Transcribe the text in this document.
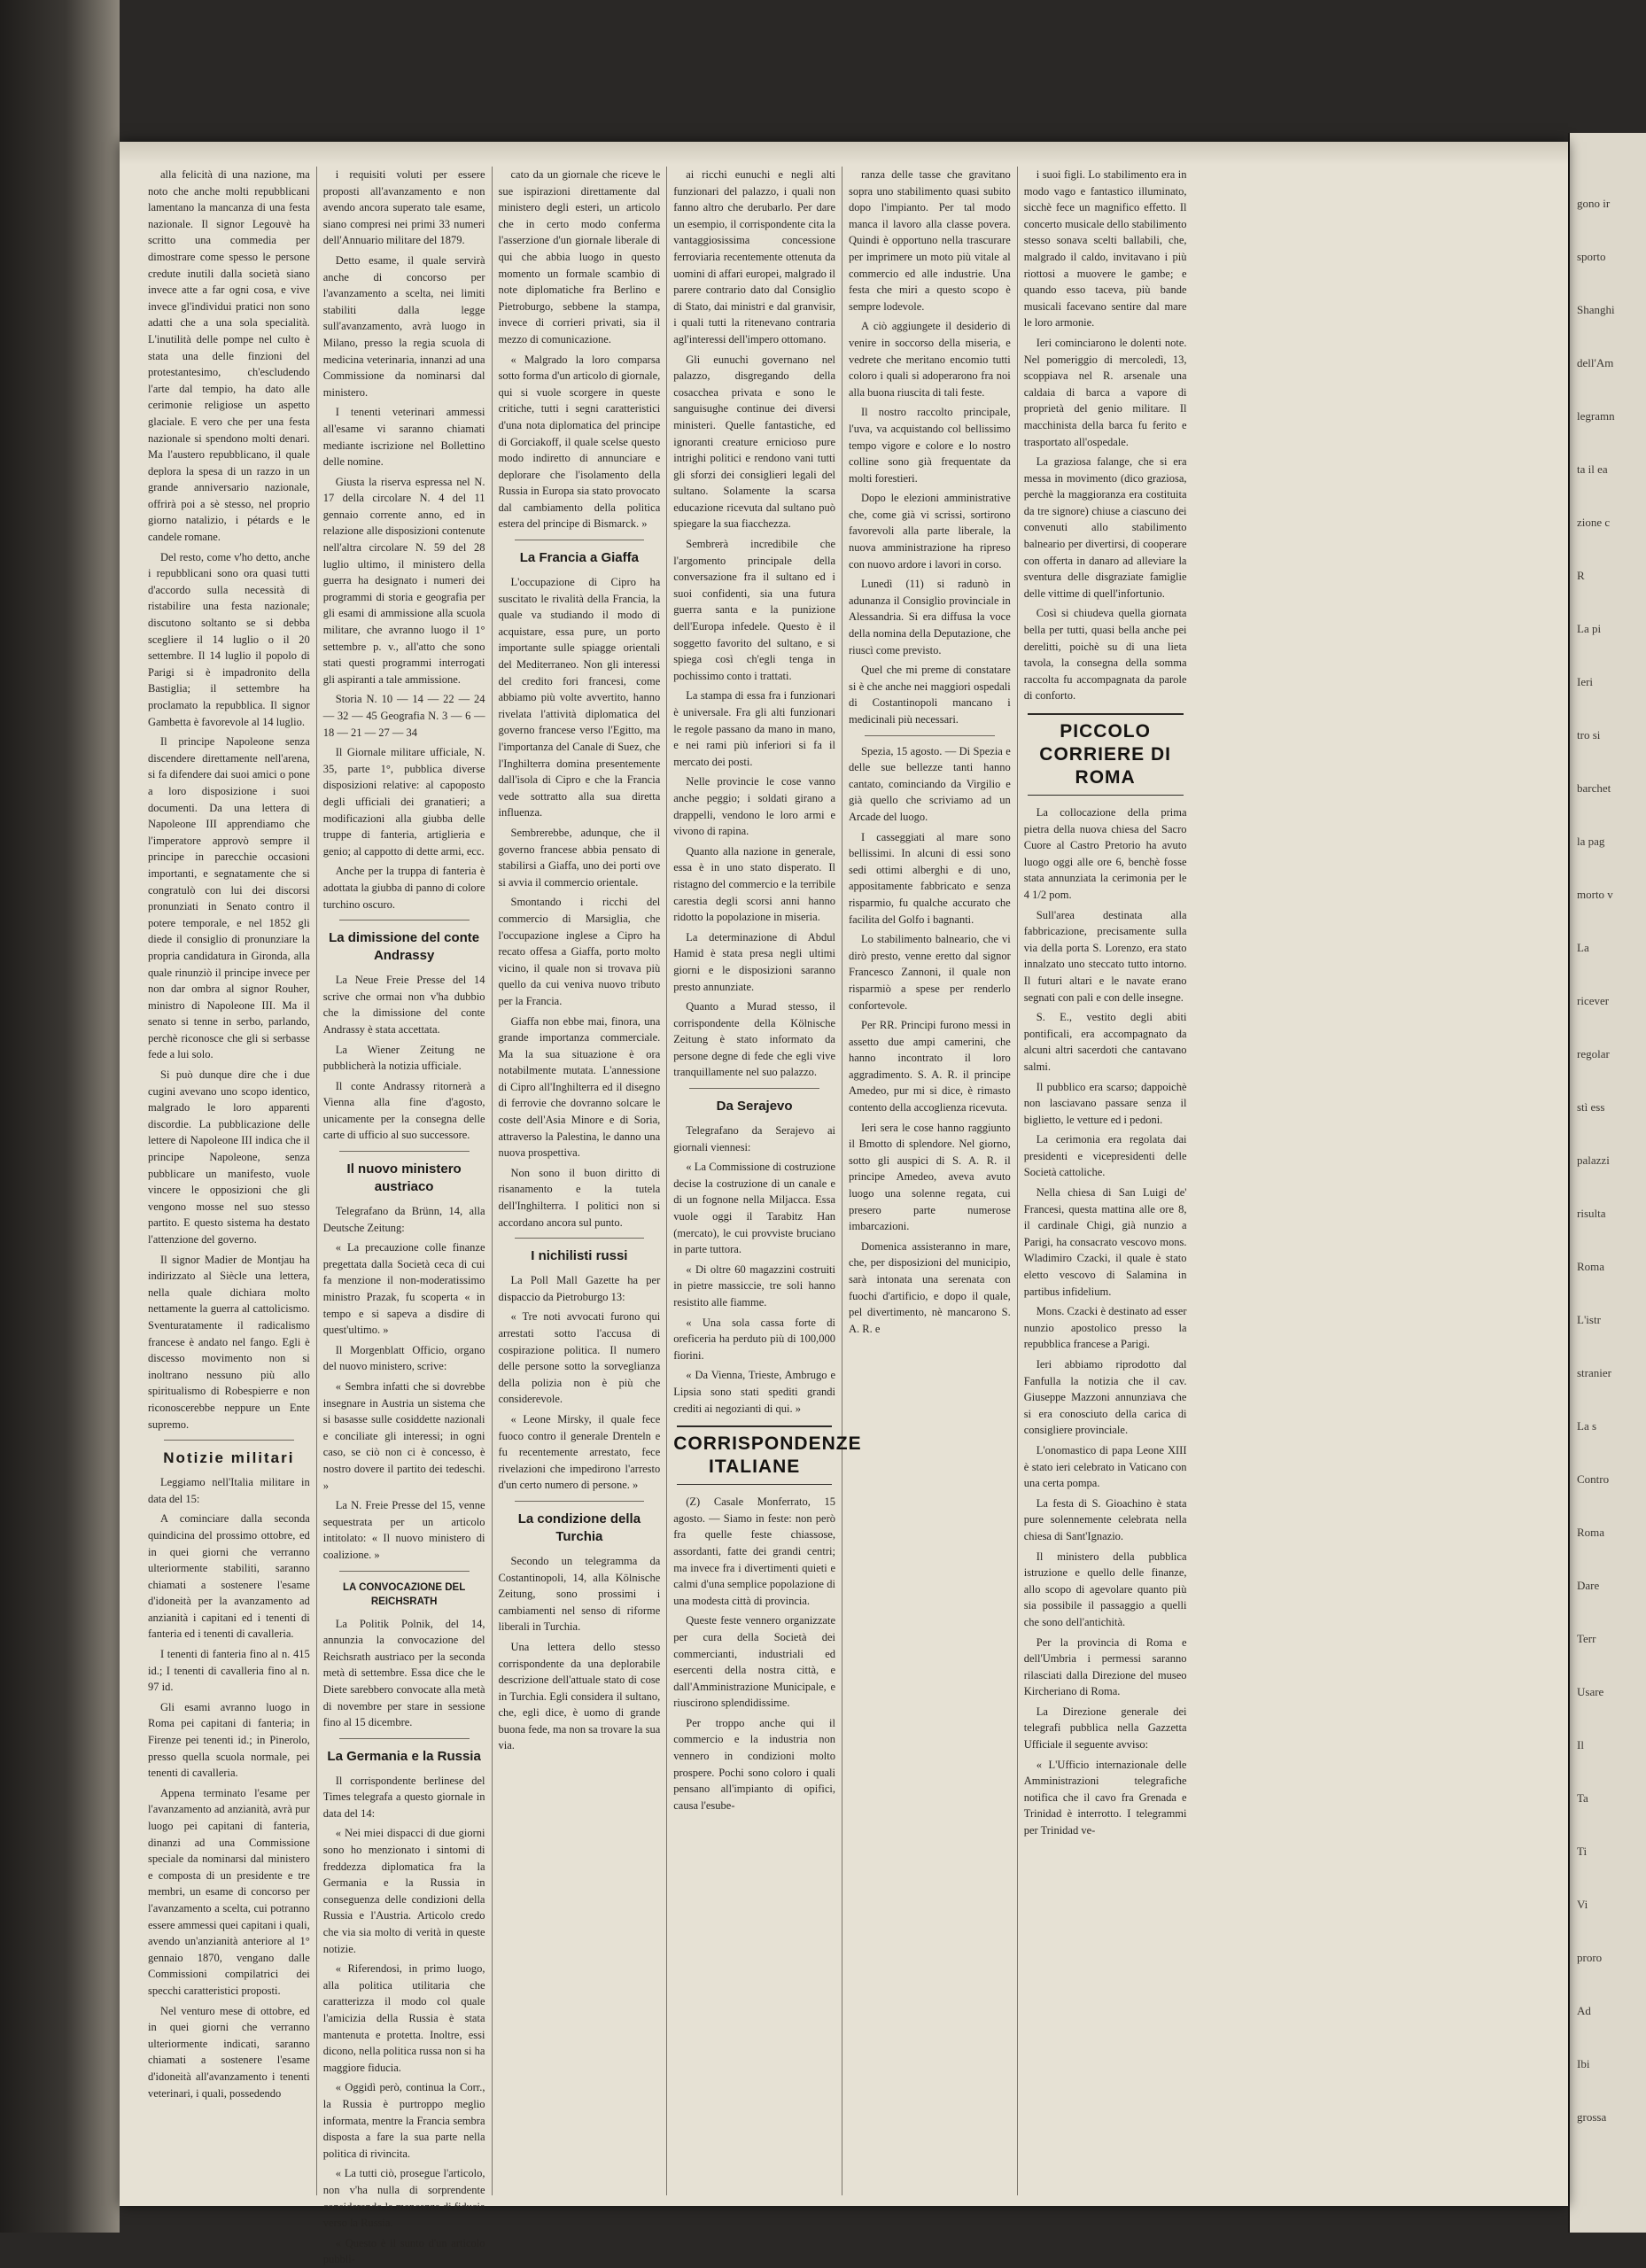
gono ir
sporto
Shanghi
dell'Am
legramn
ta il ea
zione c
R
La pi
Ieri
tro si
barchet
la pag
morto v
La
ricever
regolar
stì ess
palazzi
risulta
Roma
L'istr
stranier
La s
Contro
Roma
Dare
Terr
Usare
Il
Ta
Ti
Vi
proro
Ad
Ibi
grossa

alla felicità di una nazione, ma noto che anche molti repubblicani lamentano la mancanza di una festa nazionale. Il signor Legouvè ha scritto una commedia per dimostrare come spesso le persone credute inutili dalla società siano invece atte a far ogni cosa, e vive invece gl'individui pratici non sono adatti che a una sola specialità. L'inutilità delle pompe nel culto è stata una delle finzioni del protestantesimo, ch'escludendo l'arte dal tempio, ha dato alle cerimonie religiose un aspetto glaciale. E vero che per una festa nazionale si spendono molti denari. Ma l'austero repubblicano, il quale deplora la spesa di un razzo in un grande anniversario nazionale, offrirà poi a sè stesso, nel proprio giorno natalizio, i pétards e le candele romane.

Del resto, come v'ho detto, anche i repubblicani sono ora quasi tutti d'accordo sulla necessità di ristabilire una festa nazionale; discutono soltanto se si debba scegliere il 14 luglio o il 20 settembre. Il 14 luglio il popolo di Parigi si è impadronito della Bastiglia; il settembre ha proclamato la repubblica. Il signor Gambetta è favorevole al 14 luglio.

Il principe Napoleone senza discendere direttamente nell'arena, si fa difendere dai suoi amici o pone a loro disposizione i suoi documenti. Da una lettera di Napoleone III apprendiamo che l'imperatore approvò sempre il principe in parecchie occasioni importanti, e segnatamente che si congratulò con lui dei discorsi pronunziati in Senato contro il potere temporale, e nel 1852 gli diede il consiglio di pronunziare la propria candidatura in Gironda, alla quale rinunziò il principe invece per non dar ombra al signor Rouher, ministro di Napoleone III. Ma il senato si tenne in serbo, parlando, perchè riconosce che gli si serbasse fede a lui solo.

Si può dunque dire che i due cugini avevano uno scopo identico, malgrado le loro apparenti discordie. La pubblicazione delle lettere di Napoleone III indica che il principe Napoleone, senza pubblicare un manifesto, vuole vincere le opposizioni che gli vengono mosse nel suo stesso partito. E questo sistema ha destato l'attenzione del governo.

Il signor Madier de Montjau ha indirizzato al Siècle una lettera, nella quale dichiara molto nettamente la guerra al cattolicismo. Sventuratamente il radicalismo francese è andato nel fango. Egli è discesso movimento non si inoltrano nessuno più allo spiritualismo di Robespierre e non riconoscerebbe neppure un Ente supremo.

Notizie militari

Leggiamo nell'Italia militare in data del 15:

A cominciare dalla seconda quindicina del prossimo ottobre, ed in quei giorni che verranno ulteriormente stabiliti, saranno chiamati a sostenere l'esame d'idoneità per la avanzamento ad anzianità i capitani ed i tenenti di fanteria ed i tenenti di cavalleria.

I tenenti di fanteria fino al n. 415 id.; I tenenti di cavalleria fino al n. 97 id.

Gli esami avranno luogo in Roma pei capitani di fanteria; in Firenze pei tenenti id.; in Pinerolo, presso quella scuola normale, pei tenenti di cavalleria.

Appena terminato l'esame per l'avanzamento ad anzianità, avrà pur luogo pei capitani di fanteria, dinanzi ad una Commissione speciale da nominarsi dal ministero e composta di un presidente e tre membri, un esame di concorso per l'avanzamento a scelta, cui potranno essere ammessi quei capitani i quali, avendo un'anzianità anteriore al 1° gennaio 1870, vengano dalle Commissioni compilatrici dei specchi caratteristici proposti.

Nel venturo mese di ottobre, ed in quei giorni che verranno ulteriormente indicati, saranno chiamati a sostenere l'esame d'idoneità all'avanzamento i tenenti veterinari, i quali, possedendo

i requisiti voluti per essere proposti all'avanzamento e non avendo ancora superato tale esame, siano compresi nei primi 33 numeri dell'Annuario militare del 1879.

Detto esame, il quale servirà anche di concorso per l'avanzamento a scelta, nei limiti stabiliti dalla legge sull'avanzamento, avrà luogo in Milano, presso la regia scuola di medicina veterinaria, innanzi ad una Commissione da nominarsi dal ministero.

I tenenti veterinari ammessi all'esame vi saranno chiamati mediante iscrizione nel Bollettino delle nomine.

Giusta la riserva espressa nel N. 17 della circolare N. 4 del 11 gennaio corrente anno, ed in relazione alle disposizioni contenute nell'altra circolare N. 59 del 28 luglio ultimo, il ministero della guerra ha designato i numeri dei programmi di storia e geografia per gli esami di ammissione alla scuola militare, che avranno luogo il 1° settembre p. v., all'atto che sono stati questi programmi interrogati gli aspiranti a tale ammissione.

Storia N. 10 — 14 — 22 — 24 — 32 — 45 Geografia N. 3 — 6 — 18 — 21 — 27 — 34

Il Giornale militare ufficiale, N. 35, parte 1°, pubblica diverse disposizioni relative: al capoposto degli ufficiali dei granatieri; a modificazioni alla giubba delle truppe di fanteria, artiglieria e genio; al cappotto di dette armi, ecc.

Anche per la truppa di fanteria è adottata la giubba di panno di colore turchino oscuro.

La dimissione del conte Andrassy

La Neue Freie Presse del 14 scrive che ormai non v'ha dubbio che la dimissione del conte Andrassy è stata accettata.

La Wiener Zeitung ne pubblicherà la notizia ufficiale.

Il conte Andrassy ritornerà a Vienna alla fine d'agosto, unicamente per la consegna delle carte di ufficio al suo successore.

Il nuovo ministero austriaco

Telegrafano da Brünn, 14, alla Deutsche Zeitung:

« La precauzione colle finanze pregettata dalla Società ceca di cui fa menzione il non-moderatissimo ministro Prazak, fu scoperta « in tempo e si sapeva a disdire di quest'ultimo. »

Il Morgenblatt Officio, organo del nuovo ministero, scrive:

« Sembra infatti che si dovrebbe insegnare in Austria un sistema che si basasse sulle cosiddette nazionali e conciliate gli interessi; in ogni caso, se ciò non ci è concesso, è nostro dovere il partito dei tedeschi. »

La N. Freie Presse del 15, venne sequestrata per un articolo intitolato: « Il nuovo ministero di coalizione. »

LA CONVOCAZIONE DEL REICHSRATH

La Politik Polnik, del 14, annunzia la convocazione del Reichsrath austriaco per la seconda metà di settembre. Essa dice che le Diete sarebbero convocate alla metà di novembre per stare in sessione fino al 15 dicembre.

La Germania e la Russia

Il corrispondente berlinese del Times telegrafa a questo giornale in data del 14:

« Nei miei dispacci di due giorni sono ho menzionato i sintomi di freddezza diplomatica fra la Germania e la Russia in conseguenza delle condizioni della Russia e l'Austria. Articolo credo che via sia molto di verità in queste notizie.

« Riferendosi, in primo luogo, alla politica utilitaria che caratterizza il modo col quale l'amicizia della Russia è stata mantenuta e protetta. Inoltre, essi dicono, nella politica russa non si ha maggiore fiducia.

« Oggidì però, continua la Corr., la Russia è purtroppo meglio informata, mentre la Francia sembra disposta a fare la sua parte nella politica di rivincita.

« La tutti ciò, prosegue l'articolo, non v'ha nulla di sorprendente considerando la mancanza di fiducia verso la Russia.

« Questo è il sunto d'un articolo pubbli-

cato da un giornale che riceve le sue ispirazioni direttamente dal ministero degli esteri, un articolo che in certo modo conferma l'asserzione d'un giornale liberale di qui che abbia luogo in questo momento un formale scambio di note diplomatiche fra Berlino e Pietroburgo, sebbene la stampa, invece di corrieri privati, sia il mezzo di comunicazione.

« Malgrado la loro comparsa sotto forma d'un articolo di giornale, qui si vuole scorgere in queste critiche, tutti i segni caratteristici d'una nota diplomatica del principe di Gorciakoff, il quale scelse questo modo indiretto di annunciare e deplorare che l'isolamento della Russia in Europa sia stato provocato dal cambiamento della politica estera del principe di Bismarck. »

La Francia a Giaffa

L'occupazione di Cipro ha suscitato le rivalità della Francia, la quale va studiando il modo di acquistare, essa pure, un porto importante sulle spiagge orientali del Mediterraneo. Non gli interessi del credito fori francesi, come abbiamo più volte avvertito, hanno rivelata l'attività diplomatica del governo francese verso l'Egitto, ma l'importanza del Canale di Suez, che l'Inghilterra domina presentemente dall'isola di Cipro e che la Francia vede sottratto alla sua diretta influenza.

Sembrerebbe, adunque, che il governo francese abbia pensato di stabilirsi a Giaffa, uno dei porti ove si avvia il commercio orientale.

Smontando i ricchi del commercio di Marsiglia, che l'occupazione inglese a Cipro ha recato offesa a Giaffa, porto molto vicino, il quale non si trovava più quello da cui veniva nuovo tributo per la Francia.

Giaffa non ebbe mai, finora, una grande importanza commerciale. Ma la sua situazione è ora notabilmente mutata. L'annessione di Cipro all'Inghilterra ed il disegno di ferrovie che dovranno solcare le coste dell'Asia Minore e di Soria, attraverso la Palestina, le danno una nuova prospettiva.

Non sono il buon diritto di risanamento e la tutela dell'Inghilterra. I politici non si accordano ancora sul punto.

I nichilisti russi

La Poll Mall Gazette ha per dispaccio da Pietroburgo 13:

« Tre noti avvocati furono qui arrestati sotto l'accusa di cospirazione politica. Il numero delle persone sotto la sorveglianza della polizia non è più che considerevole.

« Leone Mirsky, il quale fece fuoco contro il generale Drenteln e fu recentemente arrestato, fece rivelazioni che impedirono l'arresto d'un certo numero di persone. »

La condizione della Turchia

Secondo un telegramma da Costantinopoli, 14, alla Kölnische Zeitung, sono prossimi i cambiamenti nel senso di riforme liberali in Turchia.

Una lettera dello stesso corrispondente da una deplorabile descrizione dell'attuale stato di cose in Turchia. Egli considera il sultano, che, egli dice, è uomo di grande buona fede, ma non sa trovare la sua via.

ai ricchi eunuchi e negli alti funzionari del palazzo, i quali non fanno altro che derubarlo. Per dare un esempio, il corrispondente cita la vantaggiosissima concessione ferroviaria recentemente ottenuta da uomini di affari europei, malgrado il parere contrario dato dal Consiglio di Stato, dai ministri e dal granvisir, i quali tutti la ritenevano contraria agl'interessi dell'impero ottomano.

Gli eunuchi governano nel palazzo, disgregando della cosacchea privata e sono le sanguisughe continue dei diversi ministeri. Quelle fantastiche, ed ignoranti creature ernicioso pure intrighi politici e rendono vani tutti gli sforzi dei consiglieri legali del sultano. Solamente la scarsa educazione ricevuta dal sultano può spiegare la sua fiacchezza.

Sembrerà incredibile che l'argomento principale della conversazione fra il sultano ed i suoi confidenti, sia una futura guerra santa e la punizione dell'Europa infedele. Questo è il soggetto favorito del sultano, e si spiega così ch'egli tenga in pochissimo conto i trattati.

La stampa di essa fra i funzionari è universale. Fra gli alti funzionari le regole passano da mano in mano, e nei rami più inferiori si fa il mercato dei posti.

Nelle provincie le cose vanno anche peggio; i soldati girano a drappelli, vendono le loro armi e vivono di rapina.

Quanto alla nazione in generale, essa è in uno stato disperato. Il ristagno del commercio e la terribile carestia degli scorsi anni hanno ridotto la popolazione in miseria.

La determinazione di Abdul Hamid è stata presa negli ultimi giorni e le disposizioni saranno presto annunziate.

Quanto a Murad stesso, il corrispondente della Kölnische Zeitung è stato informato da persone degne di fede che egli vive tranquillamente nel suo palazzo.

Da Serajevo

Telegrafano da Serajevo ai giornali viennesi:

« La Commissione di costruzione decise la costruzione di un canale e di un fognone nella Miljacca. Essa vuole oggi il Tarabitz Han (mercato), le cui provviste bruciano in parte tuttora.

« Di oltre 60 magazzini costruiti in pietre massiccie, tre soli hanno resistito alle fiamme.

« Una sola cassa forte di oreficeria ha perduto più di 100,000 fiorini.

« Da Vienna, Trieste, Ambrugo e Lipsia sono stati spediti grandi crediti ai negozianti di qui. »

CORRISPONDENZE ITALIANE

(Z) Casale Monferrato, 15 agosto. — Siamo in feste: non però fra quelle feste chiassose, assordanti, fatte dei grandi centri; ma invece fra i divertimenti quieti e calmi d'una semplice popolazione di una modesta città di provincia.

Queste feste vennero organizzate per cura della Società dei commercianti, industriali ed esercenti della nostra città, e dall'Amministrazione Municipale, e riuscirono splendidissime.

Per troppo anche qui il commercio e la industria non vennero in condizioni molto prospere. Pochi sono coloro i quali pensano all'impianto di opifici, causa l'esube-

ranza delle tasse che gravitano sopra uno stabilimento quasi subito dopo l'impianto. Per tal modo manca il lavoro alla classe povera. Quindi è opportuno nella trascurare per imprimere un moto più vitale al commercio ed alle industrie. Una festa che miri a questo scopo è sempre lodevole.

A ciò aggiungete il desiderio di venire in soccorso della miseria, e vedrete che meritano encomio tutti coloro i quali si adoperarono fra noi alla buona riuscita di tali feste.

Il nostro raccolto principale, l'uva, va acquistando col bellissimo tempo vigore e colore e lo nostro colline sono già frequentate da molti forestieri.

Dopo le elezioni amministrative che, come già vi scrissi, sortirono favorevoli alla parte liberale, la nuova amministrazione ha ripreso con nuovo ardore i lavori in corso.

Lunedì (11) si radunò in adunanza il Consiglio provinciale in Alessandria. Si era diffusa la voce della nomina della Deputazione, che riuscì come previsto.

Quel che mi preme di constatare si è che anche nei maggiori ospedali di Costantinopoli mancano i medicinali più necessari.

Spezia, 15 agosto. — Di Spezia e delle sue bellezze tanti hanno cantato, cominciando da Virgilio e già quello che scriviamo ad un Arcade del luogo.

I casseggiati al mare sono bellissimi. In alcuni di essi sono sedi ottimi alberghi e di uno, appositamente fabbricato e senza risparmio, fu qualche accurato che facilita del Golfo i bagnanti.

Lo stabilimento balneario, che vi dirò presto, venne eretto dal signor Francesco Zannoni, il quale non risparmiò a spese per renderlo confortevole.

Per RR. Principi furono messi in assetto due ampi camerini, che hanno incontrato il loro aggradimento. S. A. R. il principe Amedeo, pur mi si dice, è rimasto contento della accoglienza ricevuta.

Ieri sera le cose hanno raggiunto il Bmotto di splendore. Nel giorno, sotto gli auspici di S. A. R. il principe Amedeo, aveva avuto luogo una solenne regata, cui presero parte numerose imbarcazioni.

Domenica assisteranno in mare, che, per disposizioni del municipio, sarà intonata una serenata con fuochi d'artificio, e dopo il quale, pel divertimento, nè mancarono S. A. R. e

i suoi figli. Lo stabilimento era in modo vago e fantastico illuminato, sicchè fece un magnifico effetto. Il concerto musicale dello stabilimento stesso sonava scelti ballabili, che, malgrado il caldo, invitavano i più riottosi a muovere le gambe; e quando esso taceva, più bande musicali facevano sentire dal mare le loro armonie.

Ieri cominciarono le dolenti note. Nel pomeriggio di mercoledì, 13, scoppiava nel R. arsenale una caldaia di barca a vapore di proprietà del genio militare. Il macchinista della barca fu ferito e trasportato all'ospedale.

La graziosa falange, che si era messa in movimento (dico graziosa, perchè la maggioranza era costituita da tre signore) chiuse a ciascuno dei convenuti allo stabilimento balneario per divertirsi, di cooperare con offerta in danaro ad alleviare la sventura delle disgraziate famiglie delle vittime di quell'infortunio.

Così si chiudeva quella giornata bella per tutti, quasi bella anche pei derelitti, poichè su di una lieta tavola, la consegna della somma raccolta fu accompagnata da parole di conforto.

PICCOLO CORRIERE DI ROMA

La collocazione della prima pietra della nuova chiesa del Sacro Cuore al Castro Pretorio ha avuto luogo oggi alle ore 6, benchè fosse stata annunziata la cerimonia per le 4 1/2 pom.

Sull'area destinata alla fabbricazione, precisamente sulla via della porta S. Lorenzo, era stato innalzato uno steccato tutto intorno. Il futuri altari e le navate erano segnati con pali e con delle insegne.

S. E., vestito degli abiti pontificali, era accompagnato da alcuni altri sacerdoti che cantavano salmi.

Il pubblico era scarso; dappoichè non lasciavano passare senza il biglietto, le vetture ed i pedoni.

La cerimonia era regolata dai presidenti e vicepresidenti delle Società cattoliche.

Nella chiesa di San Luigi de' Francesi, questa mattina alle ore 8, il cardinale Chigi, già nunzio a Parigi, ha consacrato vescovo mons. Wladimiro Czacki, il quale è stato eletto vescovo di Salamina in partibus infidelium.

Mons. Czacki è destinato ad esser nunzio apostolico presso la repubblica francese a Parigi.

Ieri abbiamo riprodotto dal Fanfulla la notizia che il cav. Giuseppe Mazzoni annunziava che si era conosciuto della carica di consigliere provinciale.

L'onomastico di papa Leone XIII è stato ieri celebrato in Vaticano con una certa pompa.

La festa di S. Gioachino è stata pure solennemente celebrata nella chiesa di Sant'Ignazio.

Il ministero della pubblica istruzione e quello delle finanze, allo scopo di agevolare quanto più sia possibile il passaggio a quelli che sono dell'antichità.

Per la provincia di Roma e dell'Umbria i permessi saranno rilasciati dalla Direzione del museo Kircheriano di Roma.

La Direzione generale dei telegrafi pubblica nella Gazzetta Ufficiale il seguente avviso:

« L'Ufficio internazionale delle Amministrazioni telegrafiche notifica che il cavo fra Grenada e Trinidad è interrotto. I telegrammi per Trinidad ve-
